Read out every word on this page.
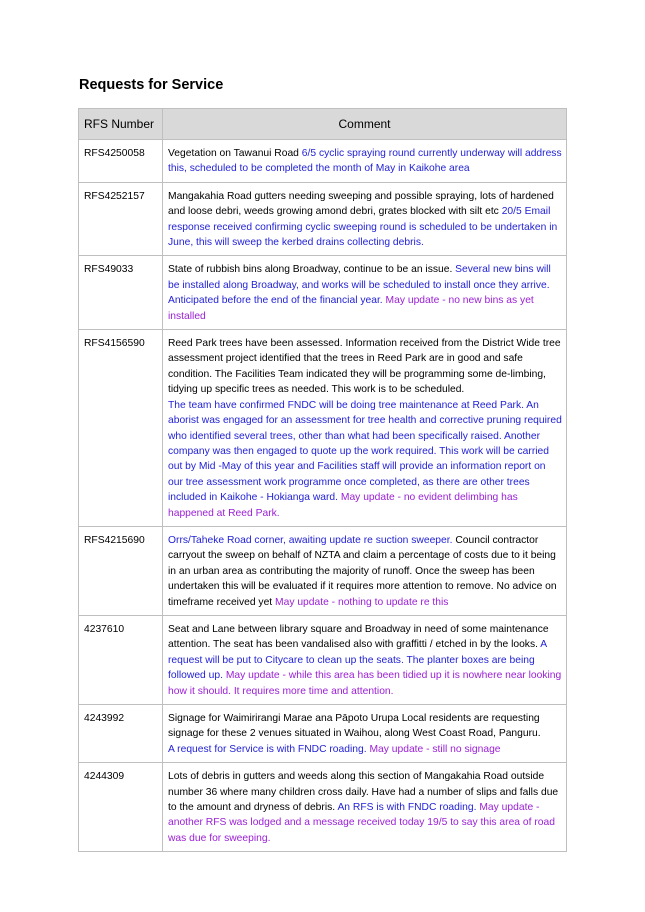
Requests for Service
RFS Number	Comment
RFS4250058	Vegetation on Tawanui Road 6/5 cyclic spraying round currently underway will address this, scheduled to be completed the month of May in Kaikohe area
RFS4252157	Mangakahia Road gutters needing sweeping and possible spraying, lots of hardened and loose debri, weeds growing amond debri, grates blocked with silt etc 20/5 Email response received confirming cyclic sweeping round is scheduled to be undertaken in June, this will sweep the kerbed drains collecting debris.
RFS49033	State of rubbish bins along Broadway, continue to be an issue. Several new bins will be installed along Broadway, and works will be scheduled to install once they arrive. Anticipated before the end of the financial year. May update - no new bins as yet installed
RFS4156590	Reed Park trees have been assessed. Information received from the District Wide tree assessment project identified that the trees in Reed Park are in good and safe condition. The Facilities Team indicated they will be programming some de-limbing, tidying up specific trees as needed. This work is to be scheduled.
The team have confirmed FNDC will be doing tree maintenance at Reed Park. An aborist was engaged for an assessment for tree health and corrective pruning required who identified several trees, other than what had been specifically raised. Another company was then engaged to quote up the work required. This work will be carried out by Mid -May of this year and Facilities staff will provide an information report on our tree assessment work programme once completed, as there are other trees included in Kaikohe - Hokianga ward. May update - no evident delimbing has happened at Reed Park.
RFS4215690	Orrs/Taheke Road corner, awaiting update re suction sweeper. Council contractor carryout the sweep on behalf of NZTA and claim a percentage of costs due to it being in an urban area as contributing the majority of runoff. Once the sweep has been undertaken this will be evaluated if it requires more attention to remove. No advice on timeframe received yet May update - nothing to update re this
4237610	Seat and Lane between library square and Broadway in need of some maintenance attention. The seat has been vandalised also with graffitti / etched in by the looks. A request will be put to Citycare to clean up the seats. The planter boxes are being followed up. May update - while this area has been tidied up it is nowhere near looking how it should. It requires more time and attention.
4243992	Signage for Waimirirangi Marae ana Pāpoto Urupa Local residents are requesting signage for these 2 venues situated in Waihou, along West Coast Road, Panguru.
A request for Service is with FNDC roading. May update - still no signage
4244309	Lots of debris in gutters and weeds along this section of Mangakahia Road outside number 36 where many children cross daily. Have had a number of slips and falls due to the amount and dryness of debris. An RFS is with FNDC roading. May update - another RFS was lodged and a message received today 19/5 to say this area of road was due for sweeping.
